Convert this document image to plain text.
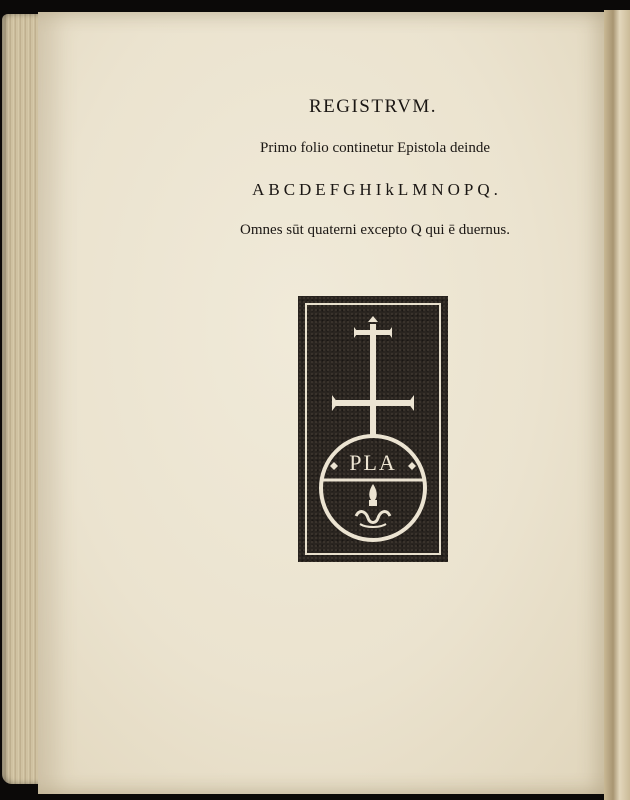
REGISTRVM.
Primo folio continetur Epistola deinde
ABCDEFGHIkLMNOPQ.
Omnes sūt quaterni excepto Q qui ē duernus.
PLA
